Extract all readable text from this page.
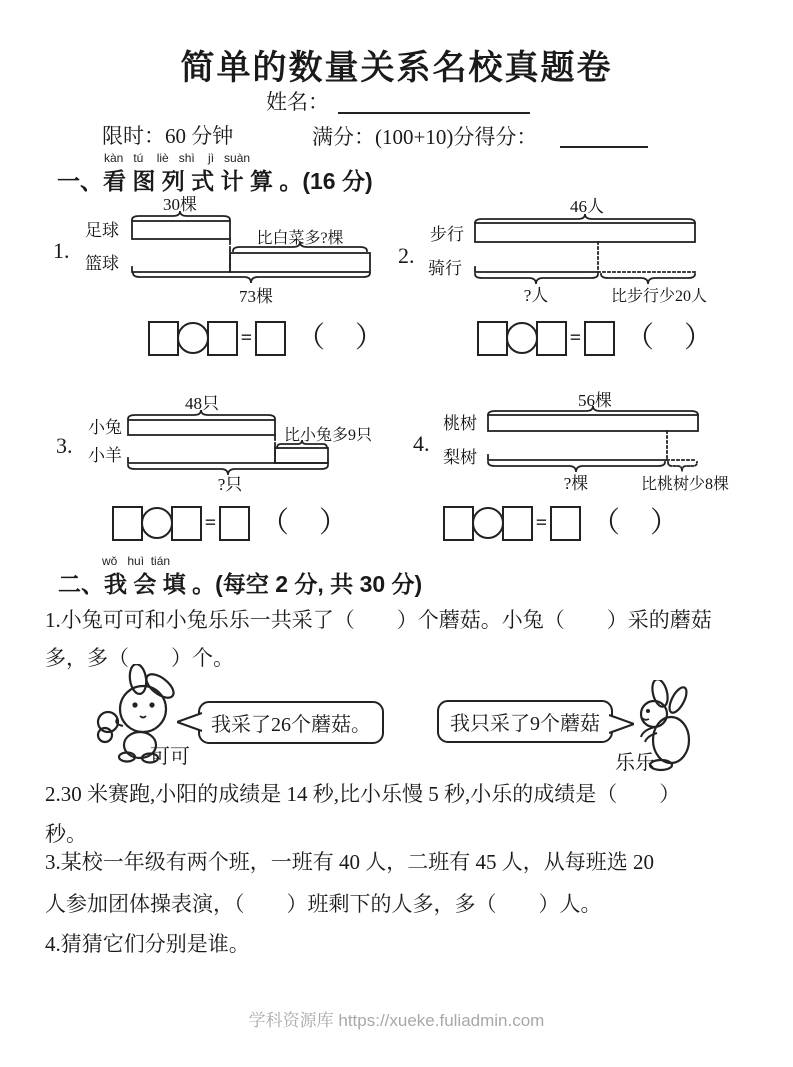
简单的数量关系名校真题卷
姓名：
限时：60 分钟	满分：(100+10)分得分：
kàn   tú    liè   shì    jì   suàn
一、看 图 列 式 计 算 。(16 分)
1.	2.
3.	4.
30棵
足球	比白菜多?棵
篮球
73棵
46人
步行
骑行
?人	比步行少20人
= （ ）	= （ ）
48只
小兔	比小兔多9只
小羊
?只
56棵
桃树
梨树
?棵	比桃树少8棵
= （ ）	= （ ）
wǒ   huì  tián
二、我 会 填 。(每空 2 分, 共 30 分)
1.小兔可可和小兔乐乐一共采了（　　）个蘑菇。小兔（　　）采的蘑菇
多，多（　　）个。
我采了26个蘑菇。
可可
我只采了9个蘑菇
乐乐
2.30 米赛跑,小阳的成绩是 14 秒,比小乐慢 5 秒,小乐的成绩是（　　）
秒。
3.某校一年级有两个班，一班有 40 人，二班有 45 人，从每班选 20
人参加团体操表演，（　　）班剩下的人多，多（　　）人。
4.猜猜它们分别是谁。
学科资源库 https://xueke.fuliadmin.com
